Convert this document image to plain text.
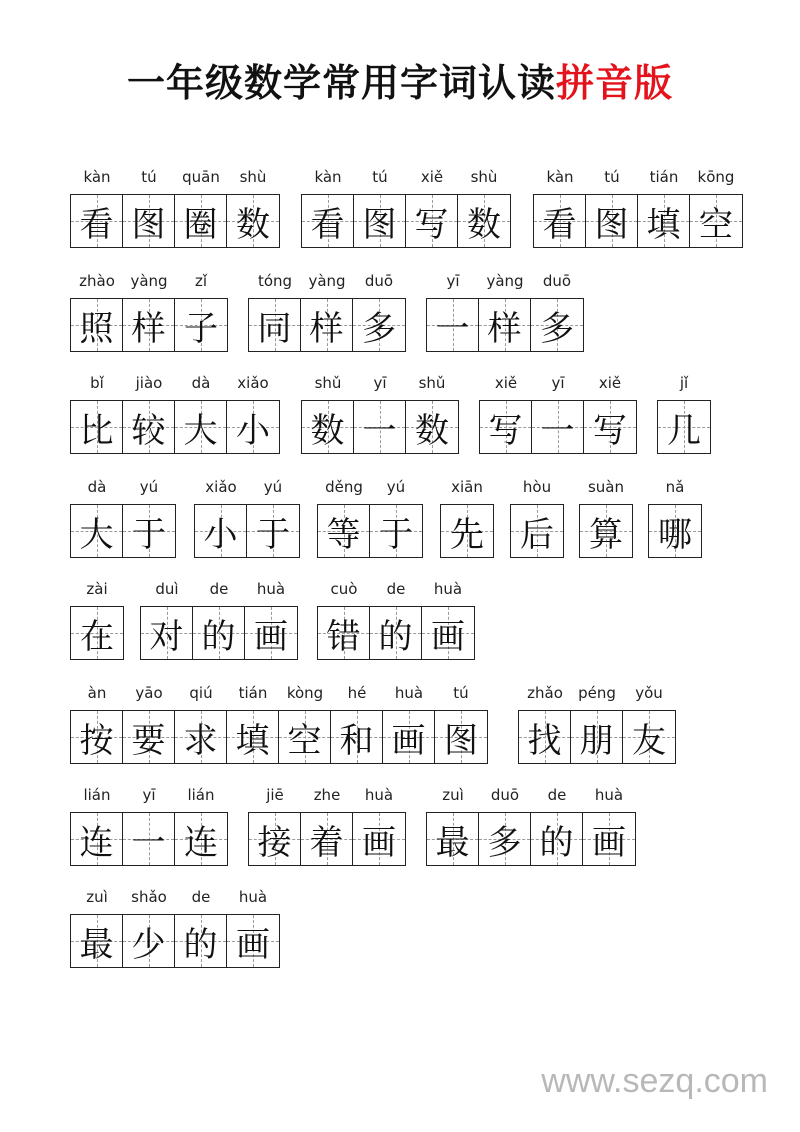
一年级数学常用字词认读拼音版
kàn	tú	quān	shù
看 图 圈 数
kàn	tú	xiě	shù
看 图 写 数
kàn	tú	tián	kōng
看 图 填 空
zhào	yàng	zǐ
照 样 子
tóng	yàng	duō
同 样 多
yī	yàng	duō
一 样 多
bǐ	jiào	dà	xiǎo
比 较 大 小
shǔ	yī	shǔ
数 一 数
xiě	yī	xiě
写 一 写
jǐ
几
dà	yú
大 于
xiǎo	yú
小 于
děng	yú
等 于
xiān
先
hòu
后
suàn
算
nǎ
哪
zài
在
duì	de	huà
对 的 画
cuò	de	huà
错 的 画
àn	yāo	qiú	tián	kòng	hé	huà	tú
按 要 求 填 空 和 画 图
zhǎo	péng	yǒu
找 朋 友
lián	yī	lián
连 一 连
jiē	zhe	huà
接 着 画
zuì	duō	de	huà
最 多 的 画
zuì	shǎo	de	huà
最 少 的 画
www.sezq.com
